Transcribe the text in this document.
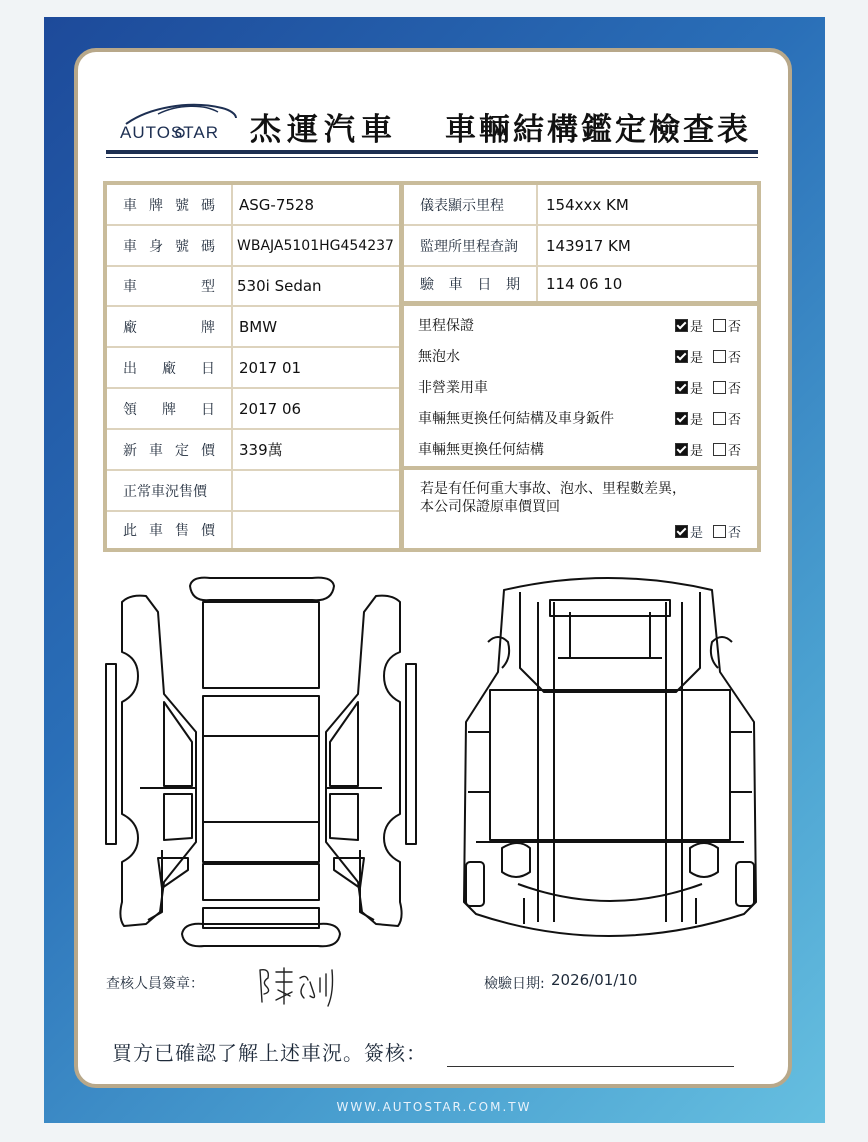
AUTOSTAR 杰運汽車 車輛結構鑑定檢查表
車 牌 號 碼 ASG-7528
車 身 號 碼 WBAJA5101HG454237
車	型 530i Sedan
廠	牌 BMW
出 廠 日 2017 01
領 牌 日 2017 06
新 車 定 價 339萬
正常車況售價
此 車 售 價
儀表顯示里程	154xxx KM
監理所里程查詢	143917 KM
驗 車 日 期 114 06 10
里程保證	是 否
無泡水	是 否
非營業用車	是 否
車輛無更換任何結構及車身鈑件	是 否
車輛無更換任何結構	是 否
若是有任何重大事故、泡水、里程數差異，
本公司保證原車價買回
是 否
查核人員簽章：	檢驗日期: 2026/01/10
買方已確認了解上述車況。簽核：
WWW.AUTOSTAR.COM.TW
